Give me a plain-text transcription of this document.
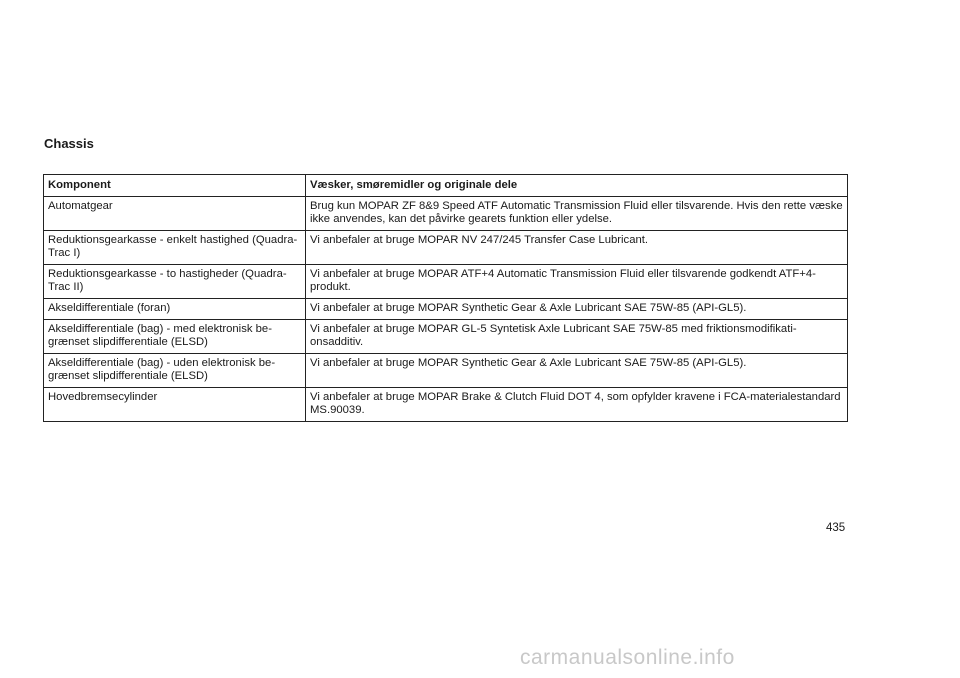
Chassis
Komponent	Væsker, smøremidler og originale dele
Automatgear	Brug kun MOPAR ZF 8&9 Speed ATF Automatic Transmission Fluid eller tilsvarende. Hvis den rette væske ikke anvendes, kan det påvirke gearets funktion eller ydelse.
Reduktionsgearkasse - enkelt hastighed (Quadra-Trac I)	Vi anbefaler at bruge MOPAR NV 247/245 Transfer Case Lubricant.
Reduktionsgearkasse - to hastigheder (Quadra-Trac II)	Vi anbefaler at bruge MOPAR ATF+4 Automatic Transmission Fluid eller tilsvarende godkendt ATF+4-produkt.
Akseldifferentiale (foran)	Vi anbefaler at bruge MOPAR Synthetic Gear & Axle Lubricant SAE 75W-85 (API-GL5).
Akseldifferentiale (bag) - med elektronisk be-grænset slipdifferentiale (ELSD)	Vi anbefaler at bruge MOPAR GL-5 Syntetisk Axle Lubricant SAE 75W-85 med friktionsmodifikati-onsadditiv.
Akseldifferentiale (bag) - uden elektronisk be-grænset slipdifferentiale (ELSD)	Vi anbefaler at bruge MOPAR Synthetic Gear & Axle Lubricant SAE 75W-85 (API-GL5).
Hovedbremsecylinder	Vi anbefaler at bruge MOPAR Brake & Clutch Fluid DOT 4, som opfylder kravene i FCA-materialestandard MS.90039.
435
carmanualsonline.info
